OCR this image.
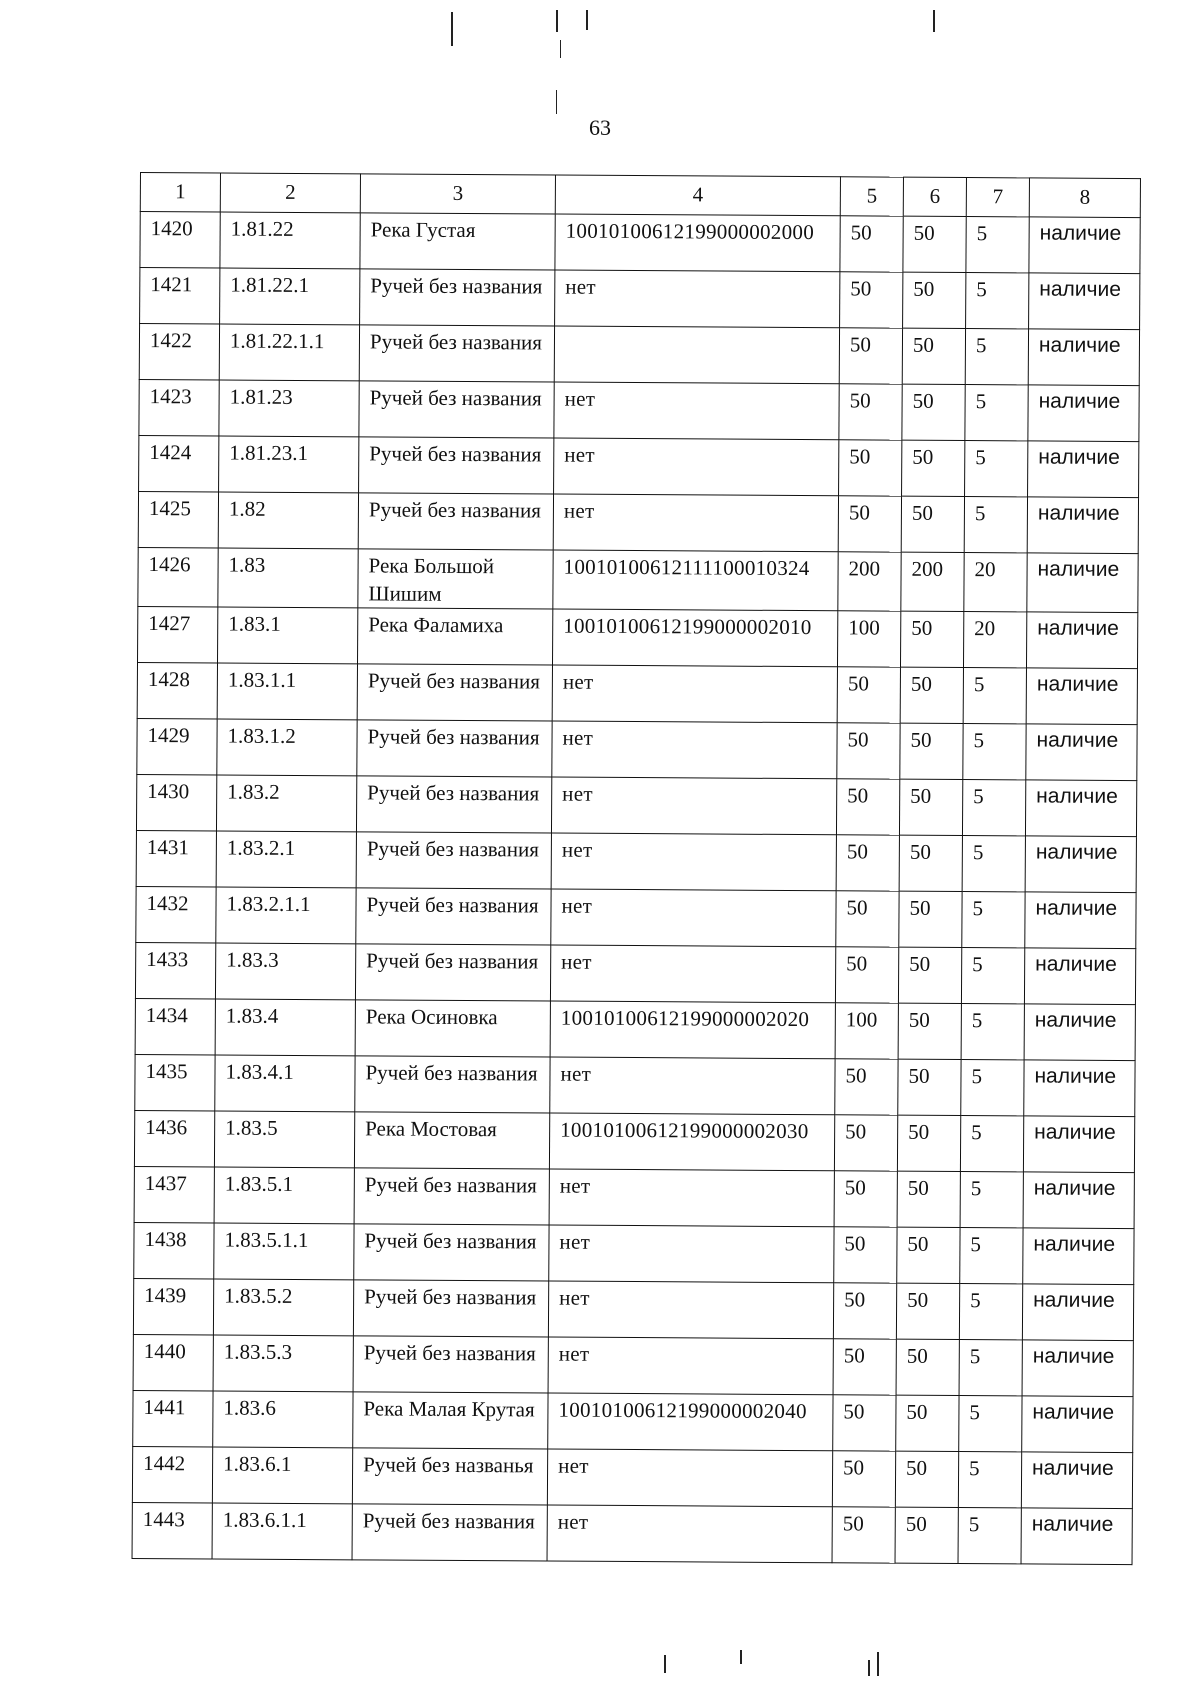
63
1	2	3	4	5	6	7	8
1420	1.81.22	Река Густая	10010100612199000002000	50	50	5	наличие
1421	1.81.22.1	Ручей без названия	нет	50	50	5	наличие
1422	1.81.22.1.1	Ручей без названия		50	50	5	наличие
1423	1.81.23	Ручей без названия	нет	50	50	5	наличие
1424	1.81.23.1	Ручей без названия	нет	50	50	5	наличие
1425	1.82	Ручей без названия	нет	50	50	5	наличие
1426	1.83	Река Большой Шишим	10010100612111100010324	200	200	20	наличие
1427	1.83.1	Река Фаламиха	10010100612199000002010	100	50	20	наличие
1428	1.83.1.1	Ручей без названия	нет	50	50	5	наличие
1429	1.83.1.2	Ручей без названия	нет	50	50	5	наличие
1430	1.83.2	Ручей без названия	нет	50	50	5	наличие
1431	1.83.2.1	Ручей без названия	нет	50	50	5	наличие
1432	1.83.2.1.1	Ручей без названия	нет	50	50	5	наличие
1433	1.83.3	Ручей без названия	нет	50	50	5	наличие
1434	1.83.4	Река Осиновка	10010100612199000002020	100	50	5	наличие
1435	1.83.4.1	Ручей без названия	нет	50	50	5	наличие
1436	1.83.5	Река Мостовая	10010100612199000002030	50	50	5	наличие
1437	1.83.5.1	Ручей без названия	нет	50	50	5	наличие
1438	1.83.5.1.1	Ручей без названия	нет	50	50	5	наличие
1439	1.83.5.2	Ручей без названия	нет	50	50	5	наличие
1440	1.83.5.3	Ручей без названия	нет	50	50	5	наличие
1441	1.83.6	Река Малая Крутая	10010100612199000002040	50	50	5	наличие
1442	1.83.6.1	Ручей без названья	нет	50	50	5	наличие
1443	1.83.6.1.1	Ручей без названия	нет	50	50	5	наличие
